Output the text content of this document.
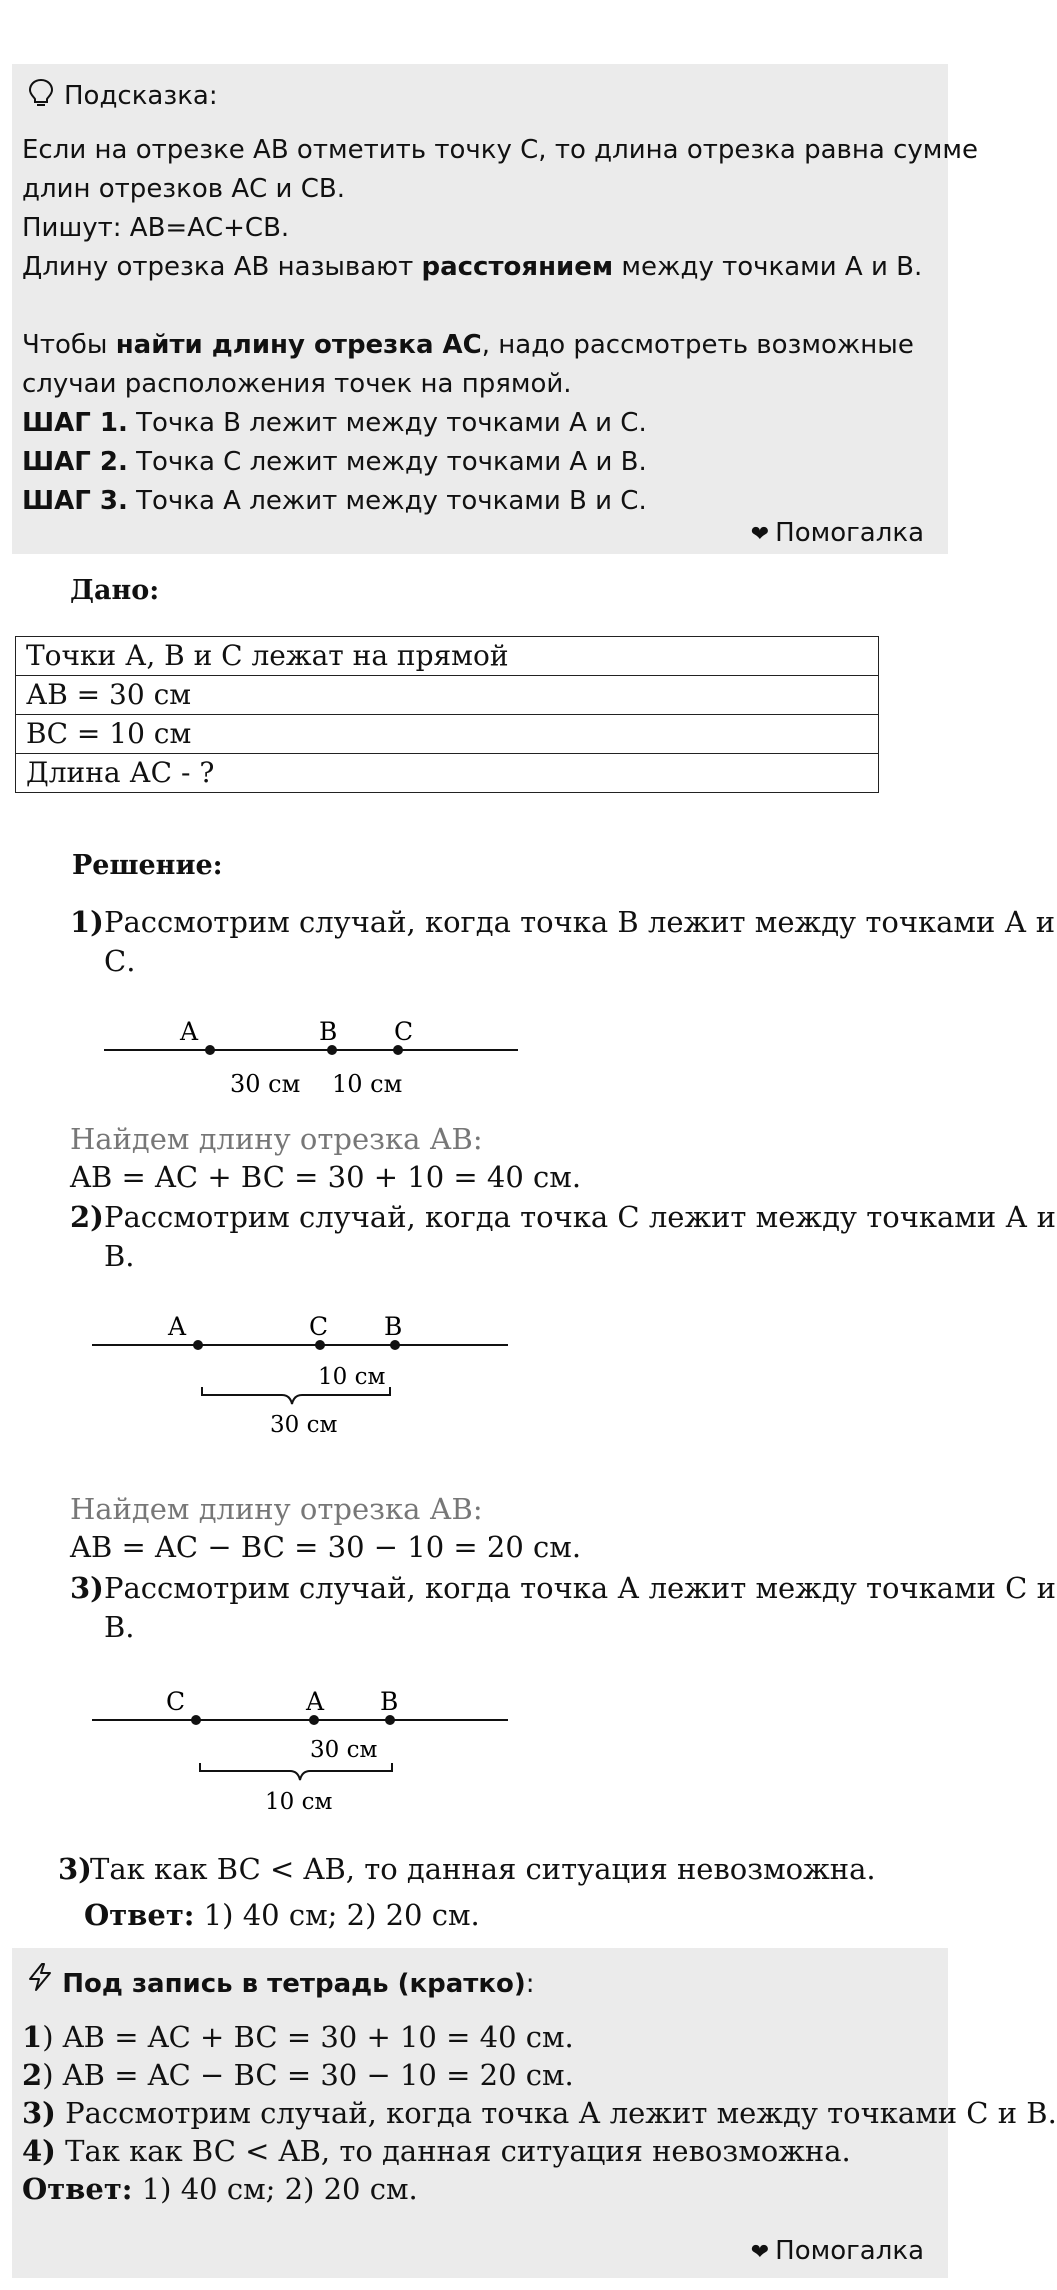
Подсказка:
Если на отрезке АВ отметить точку С, то длина отрезка равна сумме
длин отрезков АС и СВ.
Пишут: АВ=АС+СВ.
Длину отрезка АВ называют расстоянием между точками А и В.
Чтобы найти длину отрезка АС, надо рассмотреть возможные
случаи расположения точек на прямой.
ШАГ 1. Точка В лежит между точками А и С.
ШАГ 2. Точка С лежит между точками А и В.
ШАГ 3. Точка А лежит между точками В и С.
❤ Помогалка
Дано:
Точки А, В и С лежат на прямой
АВ = 30 см
ВС = 10 см
Длина АС - ?
Решение:
1) Рассмотрим случай, когда точка В лежит между точками А и
С.
A	B C
30 см 10 см
Найдем длину отрезка АВ:
AB = AC + BC = 30 + 10 = 40 см.
2) Рассмотрим случай, когда точка С лежит между точками А и
В.
A	C B
10 см
30 см
Найдем длину отрезка АВ:
AB = AC − BC = 30 − 10 = 20 см.
3) Рассмотрим случай, когда точка А лежит между точками С и
В.
C	A B
30 см
10 см
3)
Так как BC < AB, то данная ситуация невозможна.
Ответ: 1) 40 см; 2) 20 см.
Под запись в тетрадь (кратко):
1) AB = AC + BC = 30 + 10 = 40 см.
2) AB = AC − BC = 30 − 10 = 20 см.
3) Рассмотрим случай, когда точка А лежит между точками С и В.
4) Так как BC < AB, то данная ситуация невозможна.
Ответ: 1) 40 см; 2) 20 см.
❤ Помогалка
